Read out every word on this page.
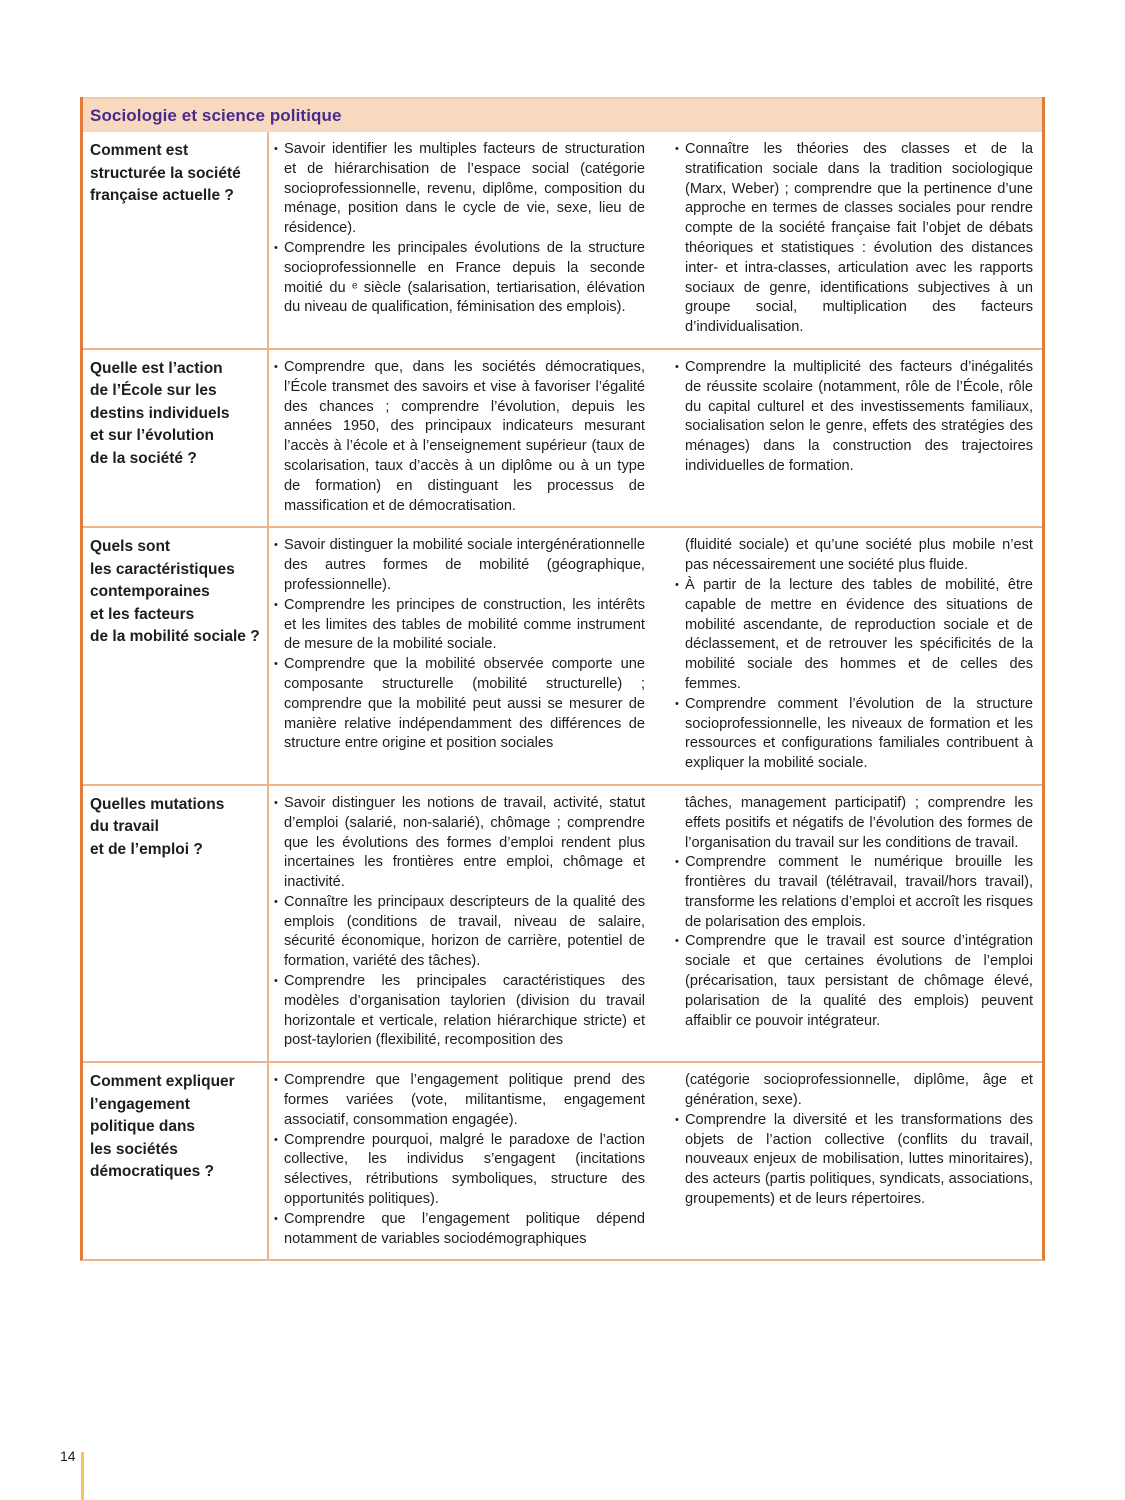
Sociologie et science politique
Comment est
structurée la société
française actuelle ?
• Savoir identifier les multiples facteurs de structuration et de hiérarchisation de l’espace social (catégorie socioprofessionnelle, revenu, diplôme, composition du ménage, position dans le cycle de vie, sexe, lieu de résidence).
• Comprendre les principales évolutions de la structure socioprofessionnelle en France depuis la seconde moitié du ᵉ siècle (salarisation, tertiarisation, élévation du niveau de qualification, féminisation des emplois).
• Connaître les théories des classes et de la stratification sociale dans la tradition sociologique (Marx, Weber) ; comprendre que la pertinence d’une approche en termes de classes sociales pour rendre compte de la société française fait l’objet de débats théoriques et statistiques : évolution des distances inter- et intra-classes, articulation avec les rapports sociaux de genre, identifications subjectives à un groupe social, multiplication des facteurs d’individualisation.
Quelle est l’action
de l’École sur les
destins individuels
et sur l’évolution
de la société ?
• Comprendre que, dans les sociétés démocratiques, l’École transmet des savoirs et vise à favoriser l’égalité des chances ; comprendre l’évolution, depuis les années 1950, des principaux indicateurs mesurant l’accès à l’école et à l’enseignement supérieur (taux de scolarisation, taux d’accès à un diplôme ou à un type de formation) en distinguant les processus de massification et de démocratisation.
• Comprendre la multiplicité des facteurs d’inégalités de réussite scolaire (notamment, rôle de l’École, rôle du capital culturel et des investissements familiaux, socialisation selon le genre, effets des stratégies des ménages) dans la construction des trajectoires individuelles de formation.
Quels sont
les caractéristiques
contemporaines
et les facteurs
de la mobilité sociale ?
• Savoir distinguer la mobilité sociale intergénérationnelle des autres formes de mobilité (géographique, professionnelle).
• Comprendre les principes de construction, les intérêts et les limites des tables de mobilité comme instrument de mesure de la mobilité sociale.
• Comprendre que la mobilité observée comporte une composante structurelle (mobilité structurelle) ; comprendre que la mobilité peut aussi se mesurer de manière relative indépendamment des différences de structure entre origine et position sociales
(fluidité sociale) et qu’une société plus mobile n’est pas nécessairement une société plus fluide.
• À partir de la lecture des tables de mobilité, être capable de mettre en évidence des situations de mobilité ascendante, de reproduction sociale et de déclassement, et de retrouver les spécificités de la mobilité sociale des hommes et de celles des femmes.
• Comprendre comment l’évolution de la structure socioprofessionnelle, les niveaux de formation et les ressources et configurations familiales contribuent à expliquer la mobilité sociale.
Quelles mutations
du travail
et de l’emploi ?
• Savoir distinguer les notions de travail, activité, statut d’emploi (salarié, non-salarié), chômage ; comprendre que les évolutions des formes d’emploi rendent plus incertaines les frontières entre emploi, chômage et inactivité.
• Connaître les principaux descripteurs de la qualité des emplois (conditions de travail, niveau de salaire, sécurité économique, horizon de carrière, potentiel de formation, variété des tâches).
• Comprendre les principales caractéristiques des modèles d’organisation taylorien (division du travail horizontale et verticale, relation hiérarchique stricte) et post-taylorien (flexibilité, recomposition des
tâches, management participatif) ; comprendre les effets positifs et négatifs de l’évolution des formes de l’organisation du travail sur les conditions de travail.
• Comprendre comment le numérique brouille les frontières du travail (télétravail, travail/hors travail), transforme les relations d’emploi et accroît les risques de polarisation des emplois.
• Comprendre que le travail est source d’intégration sociale et que certaines évolutions de l’emploi (précarisation, taux persistant de chômage élevé, polarisation de la qualité des emplois) peuvent affaiblir ce pouvoir intégrateur.
Comment expliquer
l’engagement
politique dans
les sociétés
démocratiques ?
• Comprendre que l’engagement politique prend des formes variées (vote, militantisme, engagement associatif, consommation engagée).
• Comprendre pourquoi, malgré le paradoxe de l’action collective, les individus s’engagent (incitations sélectives, rétributions symboliques, structure des opportunités politiques).
• Comprendre que l’engagement politique dépend notamment de variables sociodémographiques
(catégorie socioprofessionnelle, diplôme, âge et génération, sexe).
• Comprendre la diversité et les transformations des objets de l’action collective (conflits du travail, nouveaux enjeux de mobilisation, luttes minoritaires), des acteurs (partis politiques, syndicats, associations, groupements) et de leurs répertoires.
14
